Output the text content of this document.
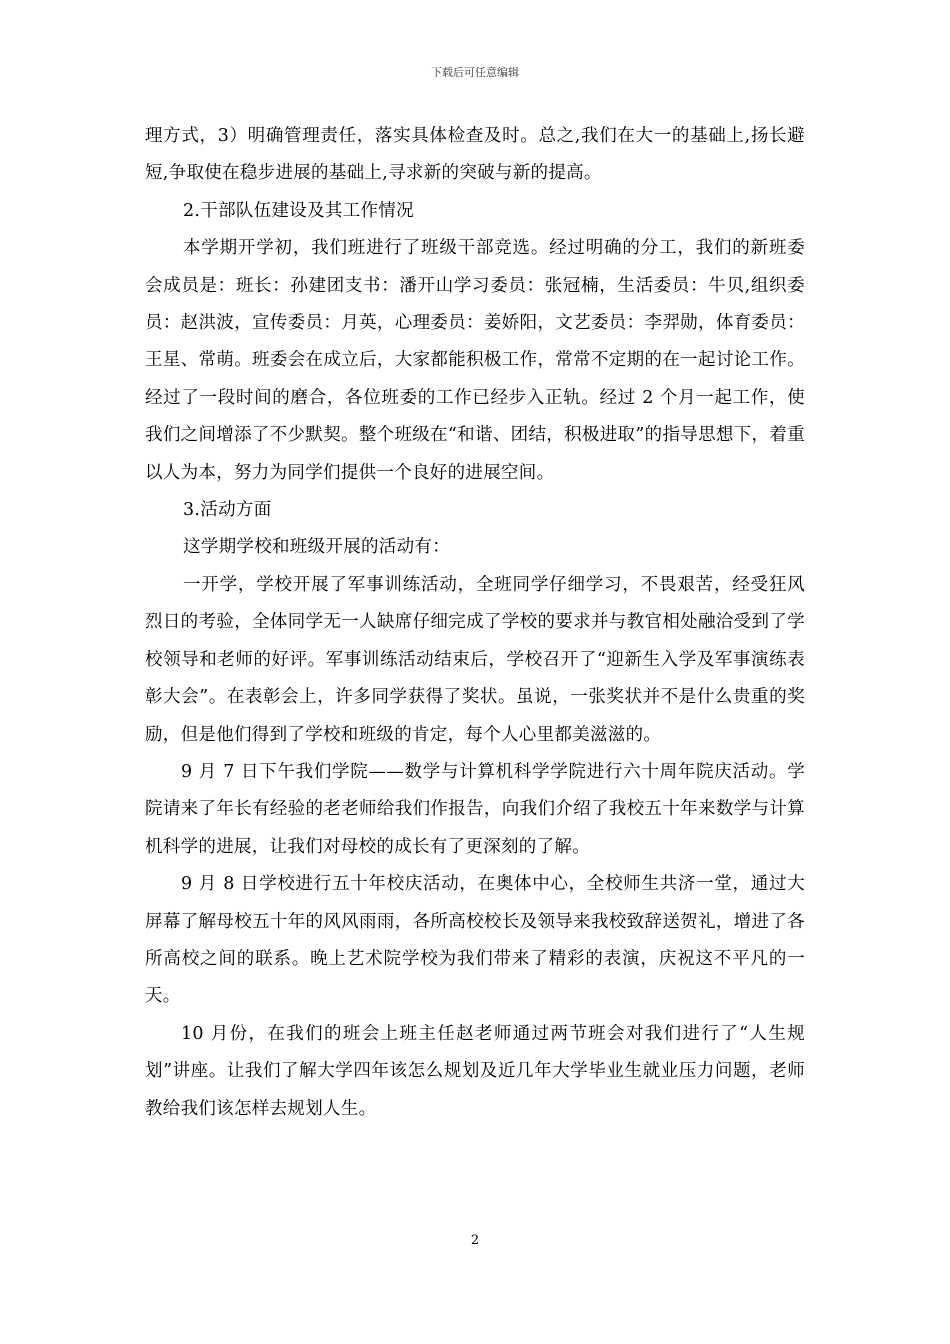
下载后可任意编辑

理方式，3）明确管理责任，落实具体检查及时。总之,我们在大一的基础上,扬长避短,争取使在稳步进展的基础上,寻求新的突破与新的提高。

2.干部队伍建设及其工作情况

本学期开学初，我们班进行了班级干部竞选。经过明确的分工，我们的新班委会成员是：班长：孙建团支书：潘开山学习委员：张冠楠，生活委员：牛贝,组织委员：赵洪波，宣传委员：月英，心理委员：姜娇阳，文艺委员：李羿勋，体育委员：王星、常萌。班委会在成立后，大家都能积极工作，常常不定期的在一起讨论工作。经过了一段时间的磨合，各位班委的工作已经步入正轨。经过 2 个月一起工作，使我们之间增添了不少默契。整个班级在“和谐、团结，积极进取”的指导思想下，着重以人为本，努力为同学们提供一个良好的进展空间。

3.活动方面

这学期学校和班级开展的活动有：

一开学，学校开展了军事训练活动，全班同学仔细学习，不畏艰苦，经受狂风烈日的考验，全体同学无一人缺席仔细完成了学校的要求并与教官相处融洽受到了学校领导和老师的好评。军事训练活动结束后，学校召开了“迎新生入学及军事演练表彰大会”。在表彰会上，许多同学获得了奖状。虽说，一张奖状并不是什么贵重的奖励，但是他们得到了学校和班级的肯定，每个人心里都美滋滋的。

9 月 7 日下午我们学院——数学与计算机科学学院进行六十周年院庆活动。学院请来了年长有经验的老老师给我们作报告，向我们介绍了我校五十年来数学与计算机科学的进展，让我们对母校的成长有了更深刻的了解。

9 月 8 日学校进行五十年校庆活动，在奥体中心，全校师生共济一堂，通过大屏幕了解母校五十年的风风雨雨，各所高校校长及领导来我校致辞送贺礼，增进了各所高校之间的联系。晚上艺术院学校为我们带来了精彩的表演，庆祝这不平凡的一天。

10 月份，在我们的班会上班主任赵老师通过两节班会对我们进行了“人生规划”讲座。让我们了解大学四年该怎么规划及近几年大学毕业生就业压力问题，老师教给我们该怎样去规划人生。

2
